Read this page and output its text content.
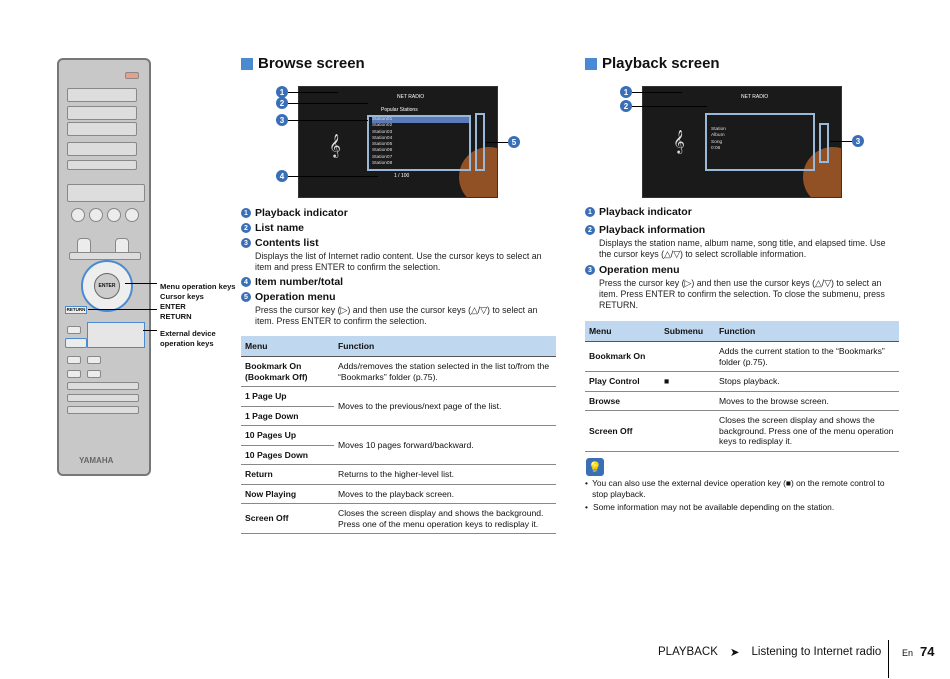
ENTER
RETURN
YAMAHA
Menu operation keys
Cursor keys
ENTER
RETURN
External device operation keys
Browse screen
NET RADIO
Popular Stations
𝄞
Station01
Station02
Station03
Station04
Station05
Station06
Station07
Station08
1 / 100
1
2
3
4
5
1 Playback indicator
2 List name
3 Contents list
Displays the list of Internet radio content. Use the cursor keys to select an item and press ENTER to confirm the selection.
4 Item number/total
5 Operation menu
Press the cursor key (▷) and then use the cursor keys (△/▽) to select an item. Press ENTER to confirm the selection.
Menu	Function
Bookmark On (Bookmark Off)	Adds/removes the station selected in the list to/from the “Bookmarks” folder (p.75).
1 Page Up	Moves to the previous/next page of the list.
1 Page Down	
10 Pages Up	Moves 10 pages forward/backward.
10 Pages Down	
Return	Returns to the higher-level list.
Now Playing	Moves to the playback screen.
Screen Off	Closes the screen display and shows the background. Press one of the menu operation keys to redisplay it.
Playback screen
NET RADIO
𝄞
Station
Album
Song
0:06
1
2
3
1 Playback indicator
2 Playback information
Displays the station name, album name, song title, and elapsed time. Use the cursor keys (△/▽) to select scrollable information.
3 Operation menu
Press the cursor key (▷) and then use the cursor keys (△/▽) to select an item. Press ENTER to confirm the selection. To close the submenu, press RETURN.
Menu	Submenu	Function
Bookmark On		Adds the current station to the “Bookmarks” folder (p.75).
Play Control	■	Stops playback.
Browse		Moves to the browse screen.
Screen Off		Closes the screen display and shows the background. Press one of the menu operation keys to redisplay it.
💡
• You can also use the external device operation key (■) on the remote control to stop playback.
• Some information may not be available depending on the station.
PLAYBACK ➤ Listening to Internet radio En 74
